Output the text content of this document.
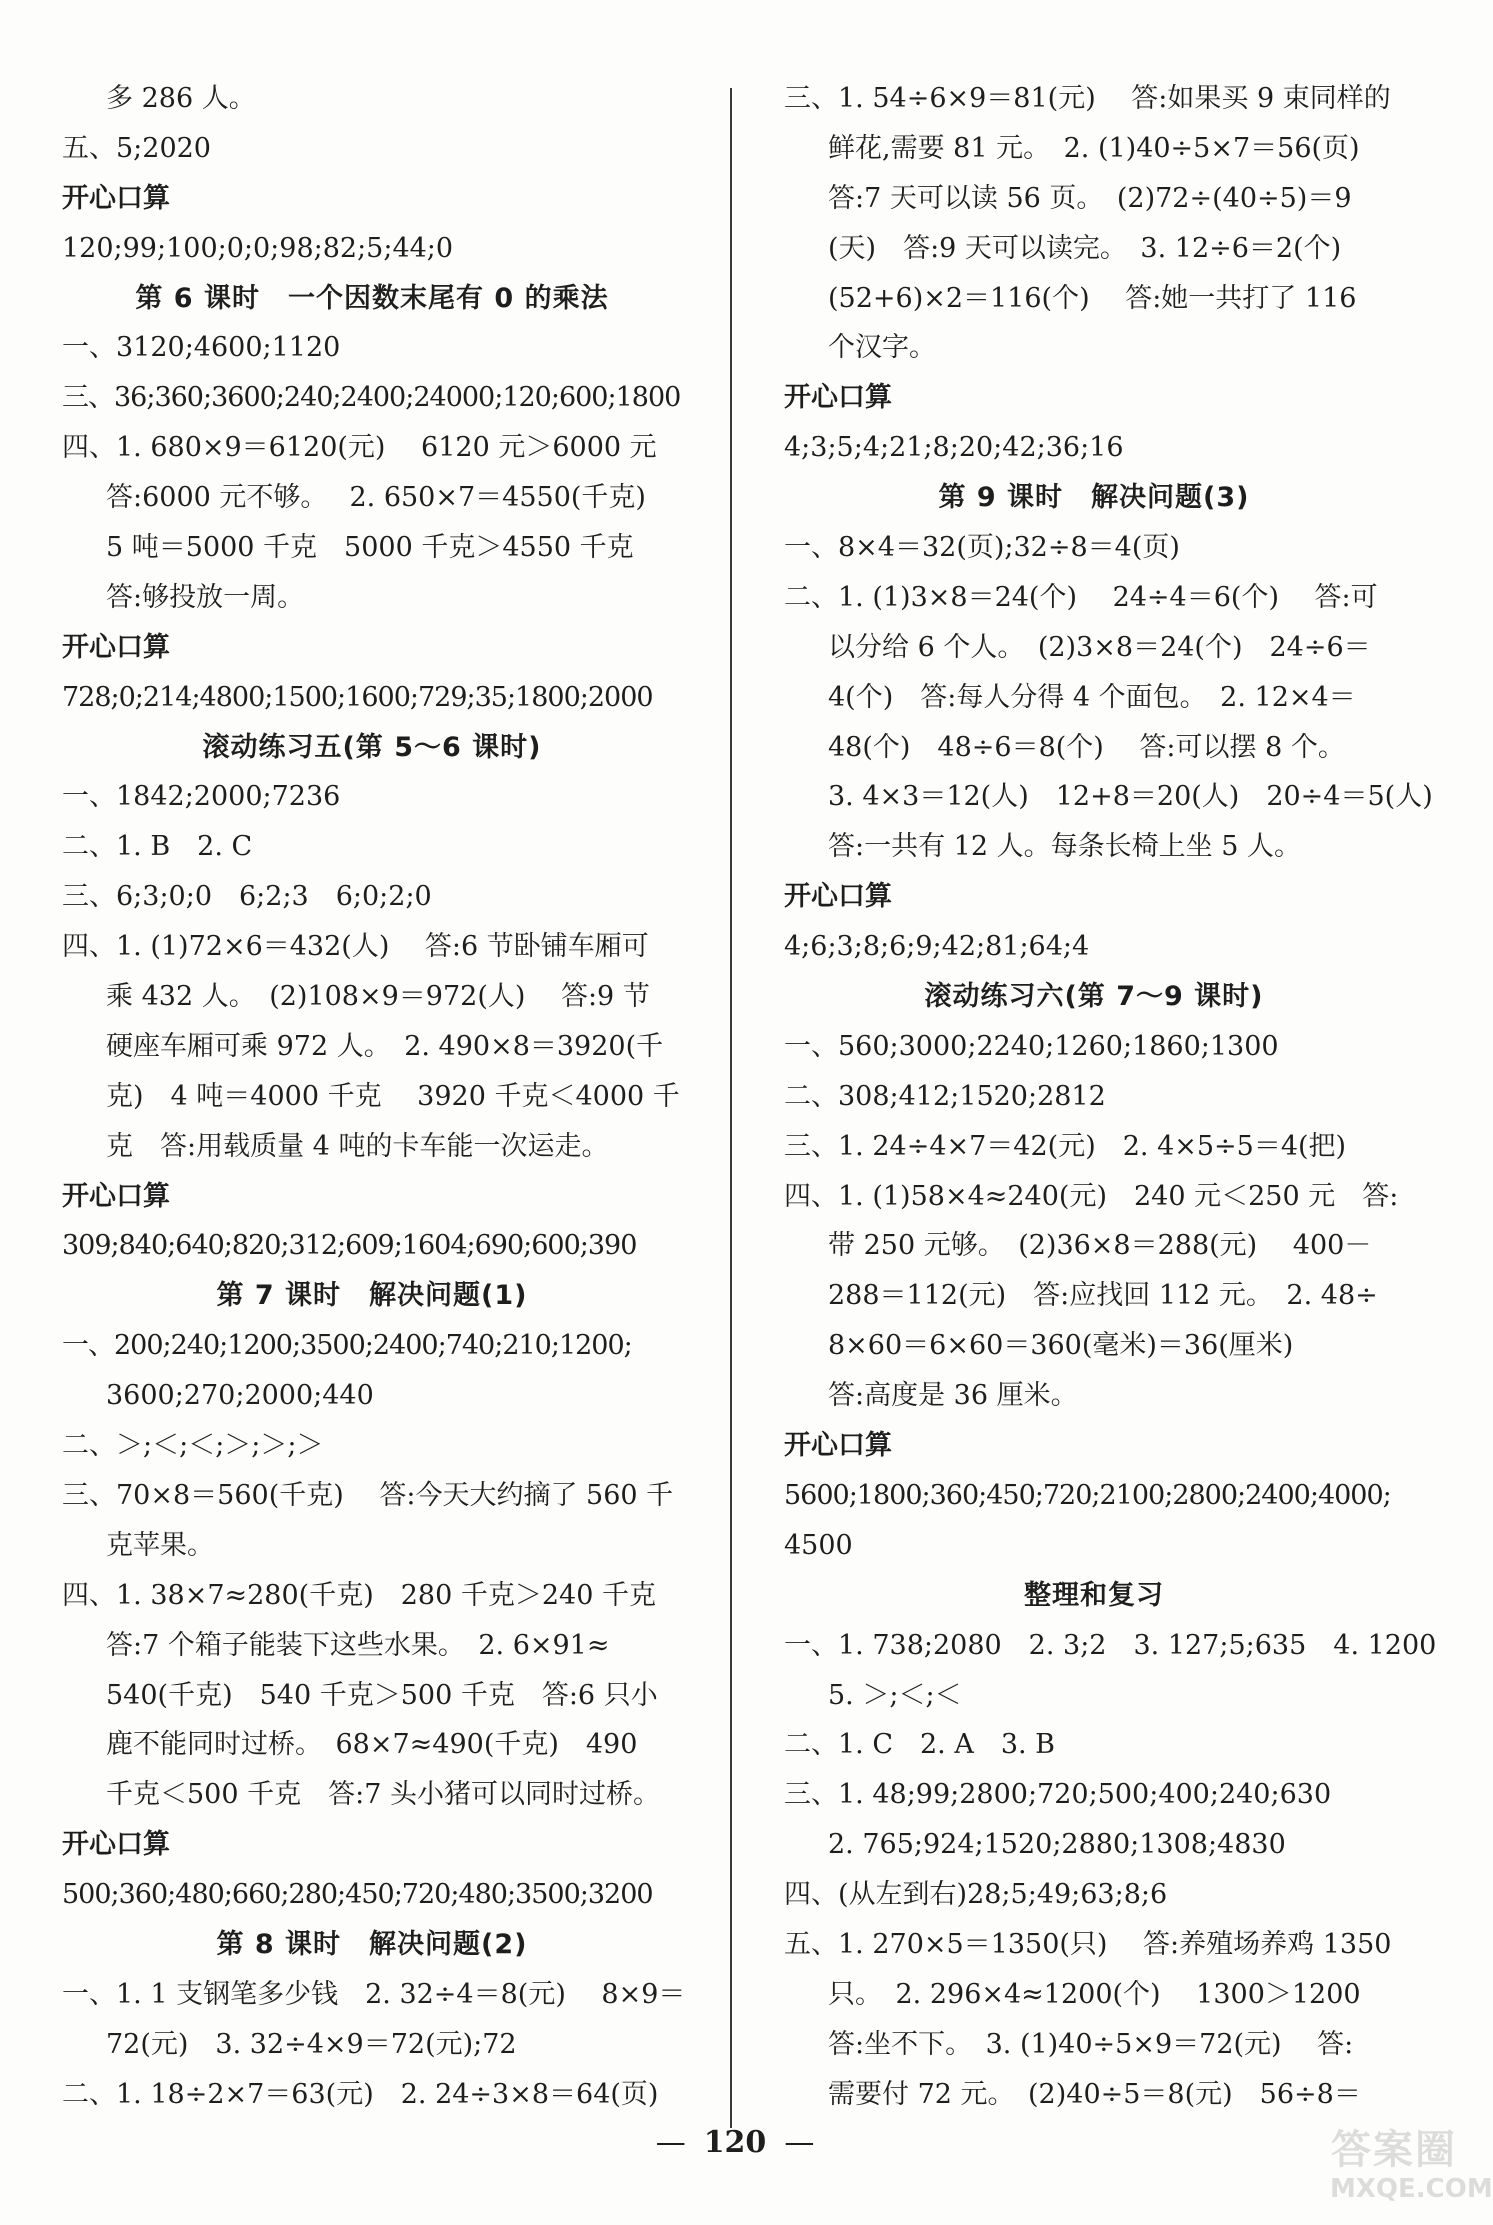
多 286 人。
五、5;2020
开心口算
120;99;100;0;0;98;82;5;44;0
第 6 课时　一个因数末尾有 0 的乘法
一、3120;4600;1120
三、36;360;3600;240;2400;24000;120;600;1800
四、1. 680×9＝6120(元)　 6120 元＞6000 元
答:6000 元不够。　 2. 650×7＝4550(千克)
5 吨＝5000 千克　5000 千克＞4550 千克
答:够投放一周。
开心口算
728;0;214;4800;1500;1600;729;35;1800;2000
滚动练习五(第 5～6 课时)
一、1842;2000;7236
二、1. B　2. C
三、6;3;0;0　6;2;3　6;0;2;0
四、1. (1)72×6＝432(人)　 答:6 节卧铺车厢可
乘 432 人。　(2)108×9＝972(人)　 答:9 节
硬座车厢可乘 972 人。　2. 490×8＝3920(千
克)　4 吨＝4000 千克　 3920 千克＜4000 千
克　答:用载质量 4 吨的卡车能一次运走。
开心口算
309;840;640;820;312;609;1604;690;600;390
第 7 课时　解决问题(1)
一、200;240;1200;3500;2400;740;210;1200;
3600;270;2000;440
二、＞;＜;＜;＞;＞;＞
三、70×8＝560(千克)　 答:今天大约摘了 560 千
克苹果。
四、1. 38×7≈280(千克)　280 千克＞240 千克
答:7 个箱子能装下这些水果。　2. 6×91≈
540(千克)　540 千克＞500 千克　答:6 只小
鹿不能同时过桥。　68×7≈490(千克)　490
千克＜500 千克　答:7 头小猪可以同时过桥。
开心口算
500;360;480;660;280;450;720;480;3500;3200
第 8 课时　解决问题(2)
一、1. 1 支钢笔多少钱　2. 32÷4＝8(元)　 8×9＝
72(元)　3. 32÷4×9＝72(元);72
二、1. 18÷2×7＝63(元)　2. 24÷3×8＝64(页)
三、1. 54÷6×9＝81(元)　 答:如果买 9 束同样的
鲜花,需要 81 元。　2. (1)40÷5×7＝56(页)
答:7 天可以读 56 页。　(2)72÷(40÷5)＝9
(天)　答:9 天可以读完。　3. 12÷6＝2(个)
(52+6)×2＝116(个)　 答:她一共打了 116
个汉字。
开心口算
4;3;5;4;21;8;20;42;36;16
第 9 课时　解决问题(3)
一、8×4＝32(页);32÷8＝4(页)
二、1. (1)3×8＝24(个)　 24÷4＝6(个)　 答:可
以分给 6 个人。　(2)3×8＝24(个)　24÷6＝
4(个)　答:每人分得 4 个面包。　2. 12×4＝
48(个)　48÷6＝8(个)　 答:可以摆 8 个。
3. 4×3＝12(人)　12+8＝20(人)　20÷4＝5(人)
答:一共有 12 人。每条长椅上坐 5 人。
开心口算
4;6;3;8;6;9;42;81;64;4
滚动练习六(第 7～9 课时)
一、560;3000;2240;1260;1860;1300
二、308;412;1520;2812
三、1. 24÷4×7＝42(元)　2. 4×5÷5＝4(把)
四、1. (1)58×4≈240(元)　240 元＜250 元　答:
带 250 元够。　(2)36×8＝288(元)　 400－
288＝112(元)　答:应找回 112 元。　2. 48÷
8×60＝6×60＝360(毫米)＝36(厘米)
答:高度是 36 厘米。
开心口算
5600;1800;360;450;720;2100;2800;2400;4000;
4500
整理和复习
一、1. 738;2080　2. 3;2　3. 127;5;635　4. 1200
5. ＞;＜;＜
二、1. C　2. A　3. B
三、1. 48;99;2800;720;500;400;240;630
2. 765;924;1520;2880;1308;4830
四、(从左到右)28;5;49;63;8;6
五、1. 270×5＝1350(只)　 答:养殖场养鸡 1350
只。　2. 296×4≈1200(个)　 1300＞1200
答:坐不下。　3. (1)40÷5×9＝72(元)　 答:
需要付 72 元。　(2)40÷5＝8(元)　56÷8＝
— 120 —	答案圈
MXQE.COM
